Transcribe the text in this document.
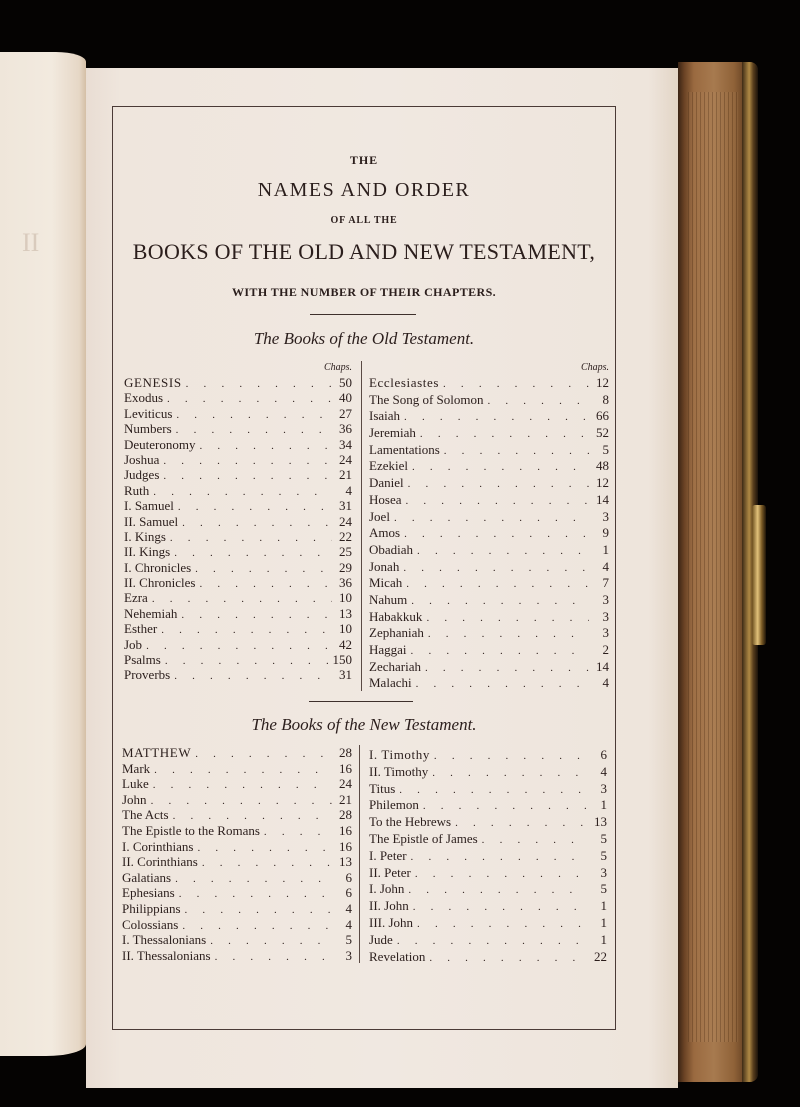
II
THE
NAMES AND ORDER
OF ALL THE
BOOKS OF THE OLD AND NEW TESTAMENT,
WITH THE NUMBER OF THEIR CHAPTERS.
The Books of the Old Testament.
Chaps.
GENESIS . . .	50
Exodus . . .	40
Leviticus . . .	27
Numbers . . .	36
Deuteronomy . . .	34
Joshua . . .	24
Judges . . .	21
Ruth . . .	4
I. Samuel . . .	31
II. Samuel . . .	24
I. Kings . . .	22
II. Kings . . .	25
I. Chronicles . . .	29
II. Chronicles . . .	36
Ezra . . .	10
Nehemiah . . .	13
Esther . . .	10
Job . . .	42
Psalms . . .	150
Proverbs . . .	31
Chaps.
Ecclesiastes . . .	12
The Song of Solomon . . .	8
Isaiah . . .	66
Jeremiah . . .	52
Lamentations . . .	5
Ezekiel . . .	48
Daniel . . .	12
Hosea . . .	14
Joel . . .	3
Amos . . .	9
Obadiah . . .	1
Jonah . . .	4
Micah . . .	7
Nahum . . .	3
Habakkuk . . .	3
Zephaniah . . .	3
Haggai . . .	2
Zechariah . . .	14
Malachi . . .	4
The Books of the New Testament.
MATTHEW . . .	28
Mark . . .	16
Luke . . .	24
John . . .	21
The Acts . . .	28
The Epistle to the Romans . . .	16
I. Corinthians . . .	16
II. Corinthians . . .	13
Galatians . . .	6
Ephesians . . .	6
Philippians . . .	4
Colossians . . .	4
I. Thessalonians . . .	5
II. Thessalonians . . .	3
I. Timothy . . .	6
II. Timothy . . .	4
Titus . . .	3
Philemon . . .	1
To the Hebrews . . .	13
The Epistle of James . . .	5
I. Peter . . .	5
II. Peter . . .	3
I. John . . .	5
II. John . . .	1
III. John . . .	1
Jude . . .	1
Revelation . . .	22
